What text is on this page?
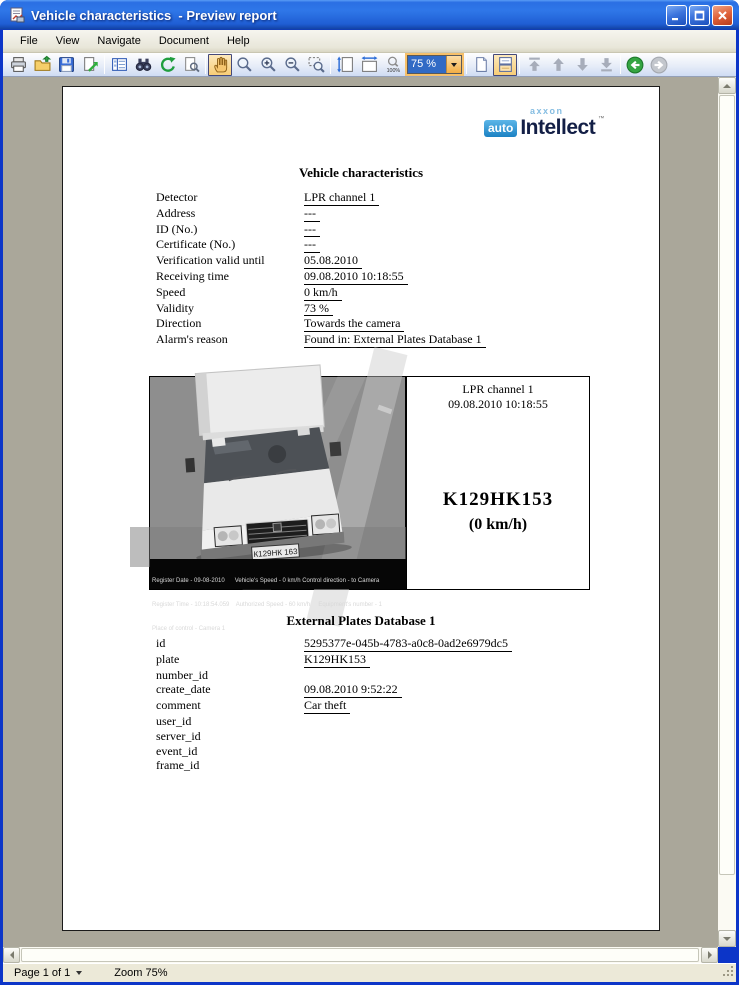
Vehicle characteristics  - Preview report
File	View	Navigate	Document	Help
100%
75 %
axxon
auto Intellect ™
Vehicle characteristics
Detector	LPR channel 1
Address	---
ID (No.)	---
Certificate (No.)	---
Verification valid until	05.08.2010
Receiving time	09.08.2010 10:18:55
Speed	0 km/h
Validity	73 %
Direction	Towards the camera
Alarm's reason	Found in: External Plates Database 1
К129НК 163

Register Date - 09-08-2010      Vehicle's Speed - 0 km/h Control direction - to Camera

Register Time - 10:18:54.059    Authorized Speed - 60 km/h     Equipment's number - 1

Place of control - Camera 1

LPR channel 1
09.08.2010 10:18:55
K129HK153
(0 km/h)
External Plates Database 1
id	5295377e-045b-4783-a0c8-0ad2e6979dc5
plate	K129HK153
number_id
create_date	09.08.2010 9:52:22
comment	Car theft
user_id
server_id
event_id
frame_id
Page 1 of 1	Zoom 75%
